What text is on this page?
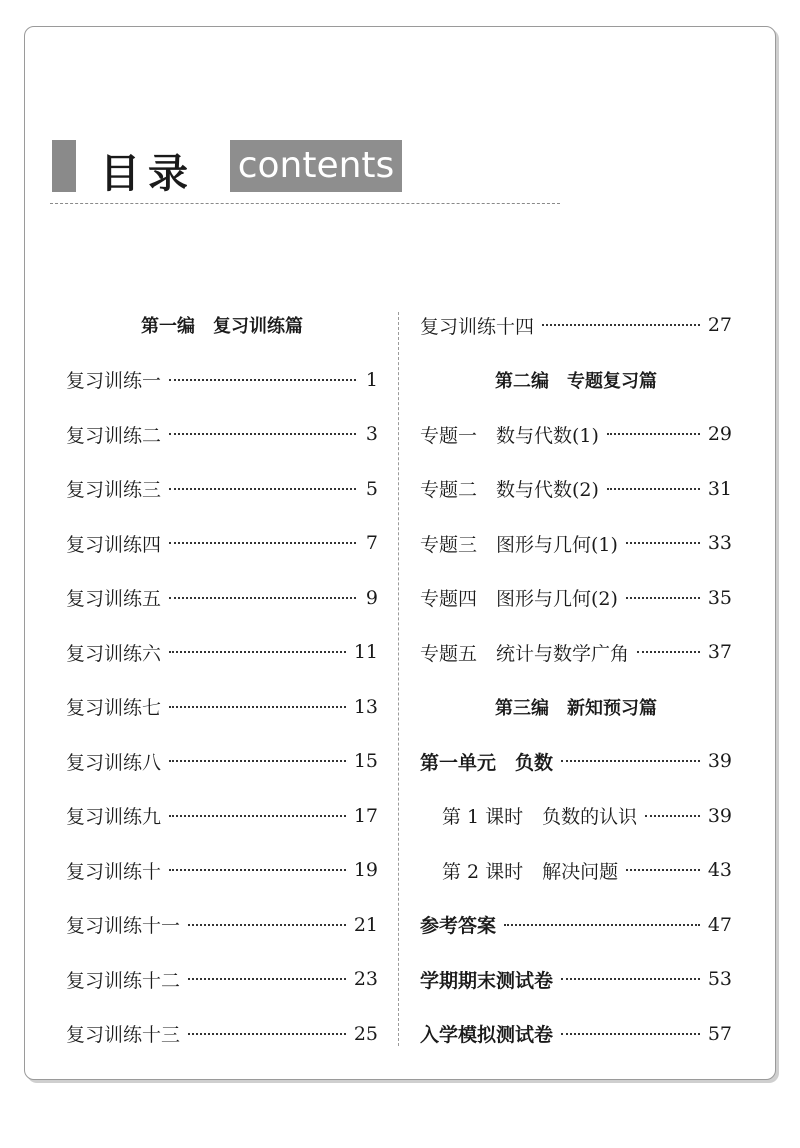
目录 contents
第一编　复习训练篇
复习训练一	1
复习训练二	3
复习训练三	5
复习训练四	7
复习训练五	9
复习训练六	11
复习训练七	13
复习训练八	15
复习训练九	17
复习训练十	19
复习训练十一	21
复习训练十二	23
复习训练十三	25
复习训练十四	27
第二编　专题复习篇
专题一　数与代数(1)	29
专题二　数与代数(2)	31
专题三　图形与几何(1)	33
专题四　图形与几何(2)	35
专题五　统计与数学广角	37
第三编　新知预习篇
第一单元　负数	39
第 1 课时　负数的认识	39
第 2 课时　解决问题	43
参考答案	47
学期期末测试卷	53
入学模拟测试卷	57
